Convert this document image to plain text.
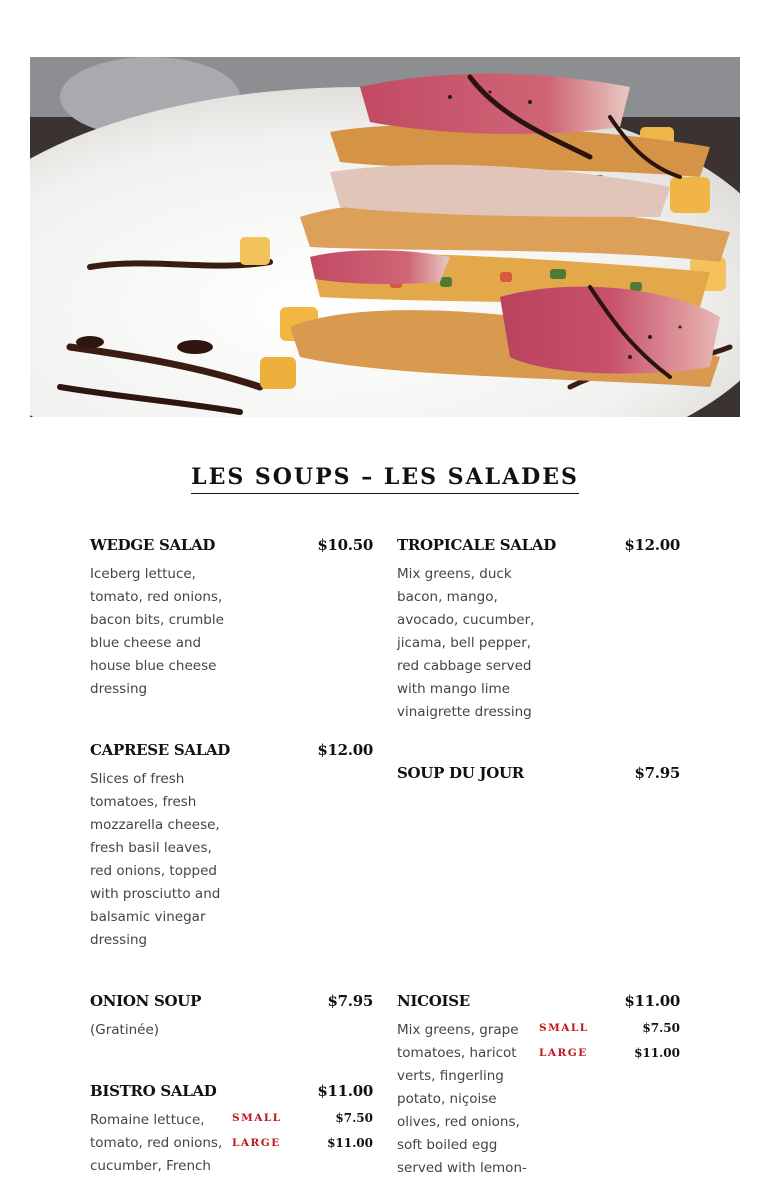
LES SOUPS – LES SALADES
WEDGE SALAD	$10.50
Iceberg lettuce, tomato, red onions, bacon bits, crumble blue cheese and house blue cheese dressing
TROPICALE SALAD	$12.00
Mix greens, duck bacon, mango, avocado, cucumber, jicama, bell pepper, red cabbage served with mango lime vinaigrette dressing
CAPRESE SALAD	$12.00
Slices of fresh tomatoes, fresh mozzarella cheese, fresh basil leaves, red onions, topped with prosciutto and balsamic vinegar dressing
SOUP DU JOUR	$7.95
ONION SOUP	$7.95
(Gratinée)
NICOISE	$11.00
Mix greens, grape tomatoes, haricot verts, fingerling potato, niçoise olives, red onions, soft boiled egg served with lemon-
SMALL	$7.50
LARGE	$11.00
BISTRO SALAD	$11.00
Romaine lettuce, tomato, red onions, cucumber, French
SMALL	$7.50
LARGE	$11.00
